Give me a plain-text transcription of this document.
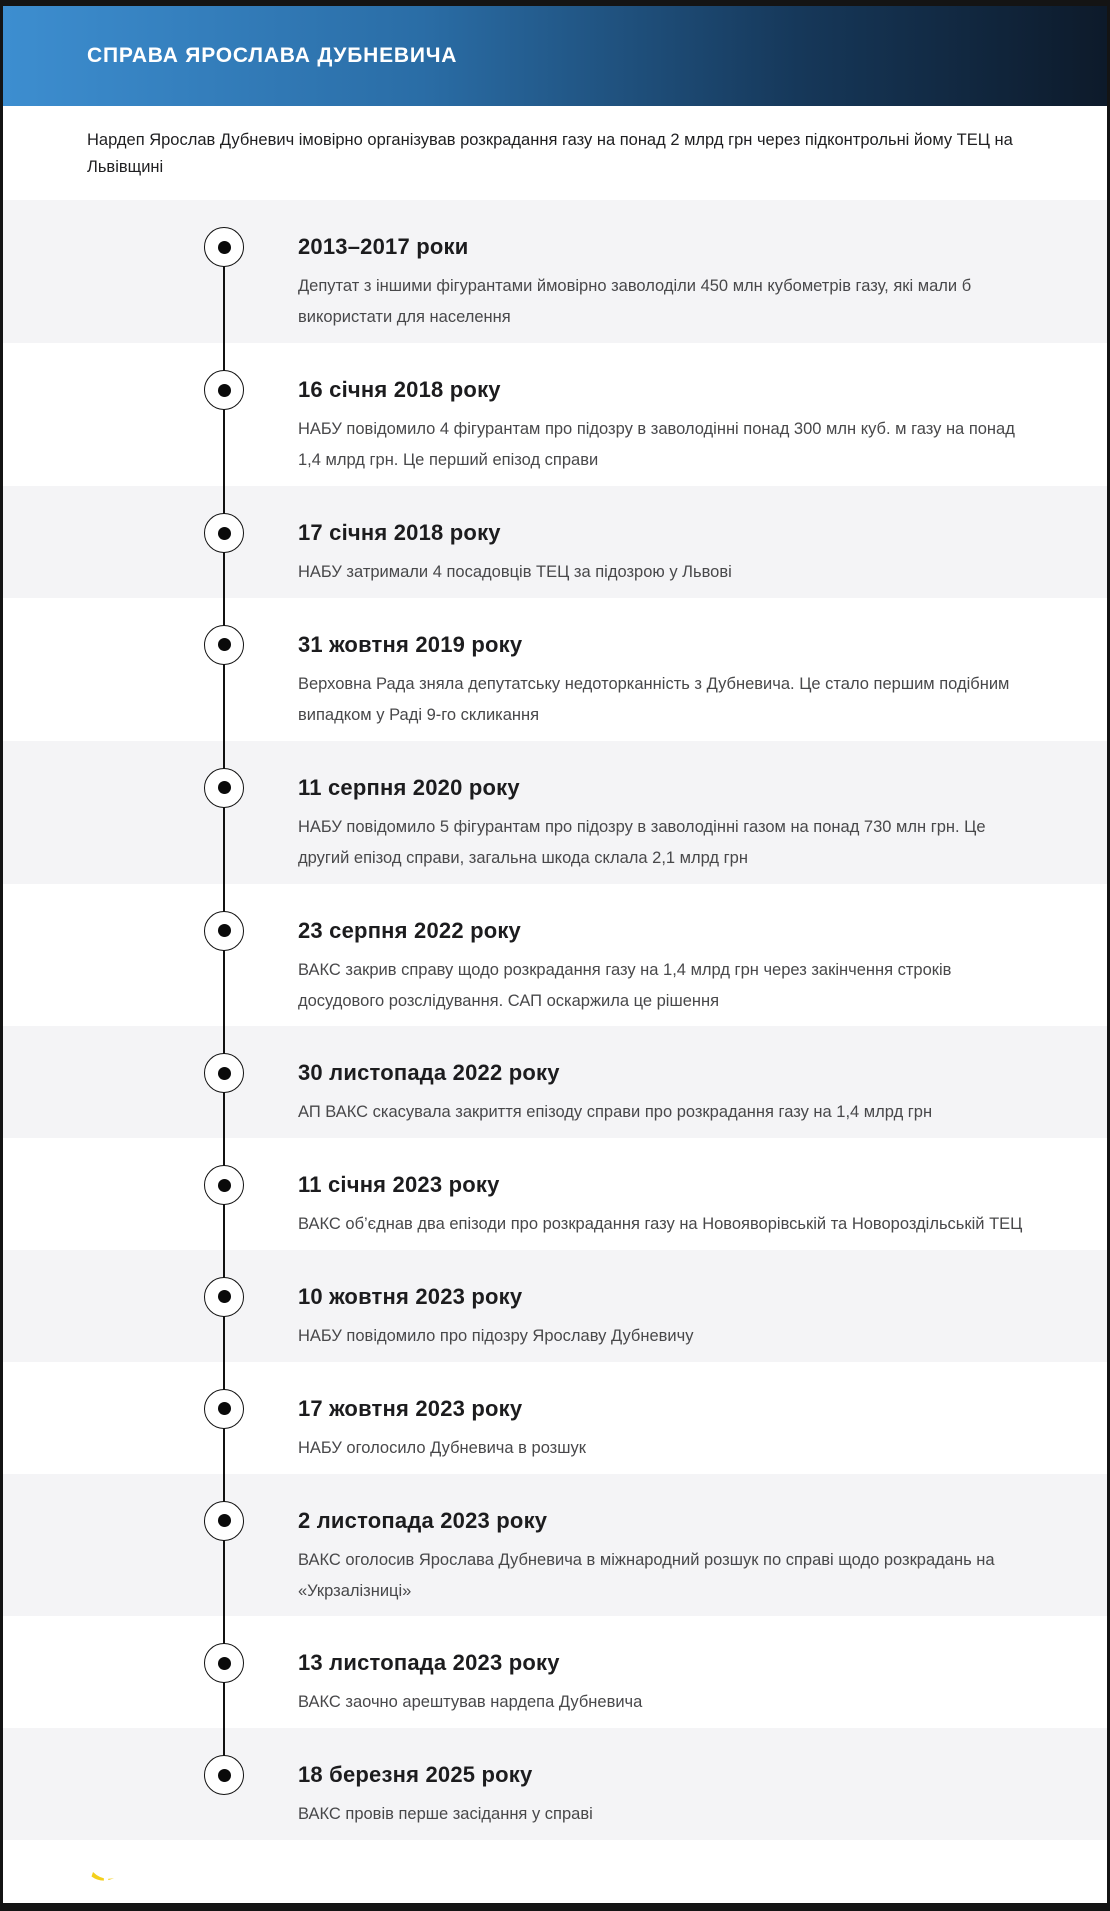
СПРАВА ЯРОСЛАВА ДУБНЕВИЧА
Нардеп Ярослав Дубневич імовірно організував розкрадання газу на понад 2 млрд грн через підконтрольні йому ТЕЦ на Львівщині
2013–2017 роки
Депутат з іншими фігурантами ймовірно заволоділи 450 млн кубометрів газу, які мали б використати для населення
16 січня 2018 року
НАБУ повідомило 4 фігурантам про підозру в заволодінні понад 300 млн куб. м газу на понад 1,4 млрд грн. Це перший епізод справи
17 січня 2018 року
НАБУ затримали 4 посадовців ТЕЦ за підозрою у Львові
31 жовтня 2019 року
Верховна Рада зняла депутатську недоторканність з Дубневича. Це стало першим подібним випадком у Раді 9-го скликання
11 серпня 2020 року
НАБУ повідомило 5 фігурантам про підозру в заволодінні газом на понад 730 млн грн. Це другий епізод справи, загальна шкода склала 2,1 млрд грн
23 серпня 2022 року
ВАКС закрив справу щодо розкрадання газу на 1,4 млрд грн через закінчення строків досудового розслідування. САП оскаржила це рішення
30 листопада 2022 року
АП ВАКС скасувала закриття епізоду справи про розкрадання газу на 1,4 млрд грн
11 січня 2023 року
ВАКС об’єднав два епізоди про розкрадання газу на Новояворівській та Новороздільській ТЕЦ
10 жовтня 2023 року
НАБУ повідомило про підозру Ярославу Дубневичу
17 жовтня 2023 року
НАБУ оголосило Дубневича в розшук
2 листопада 2023 року
ВАКС оголосив Ярослава Дубневича в міжнародний розшук по справі щодо розкрадань на «Укрзалізниці»
13 листопада 2023 року
ВАКС заочно арештував нардепа Дубневича
18 березня 2025 року
ВАКС провів перше засідання у справі
TRANSPARENCY
INTERNATIONAL
UKRAINE
